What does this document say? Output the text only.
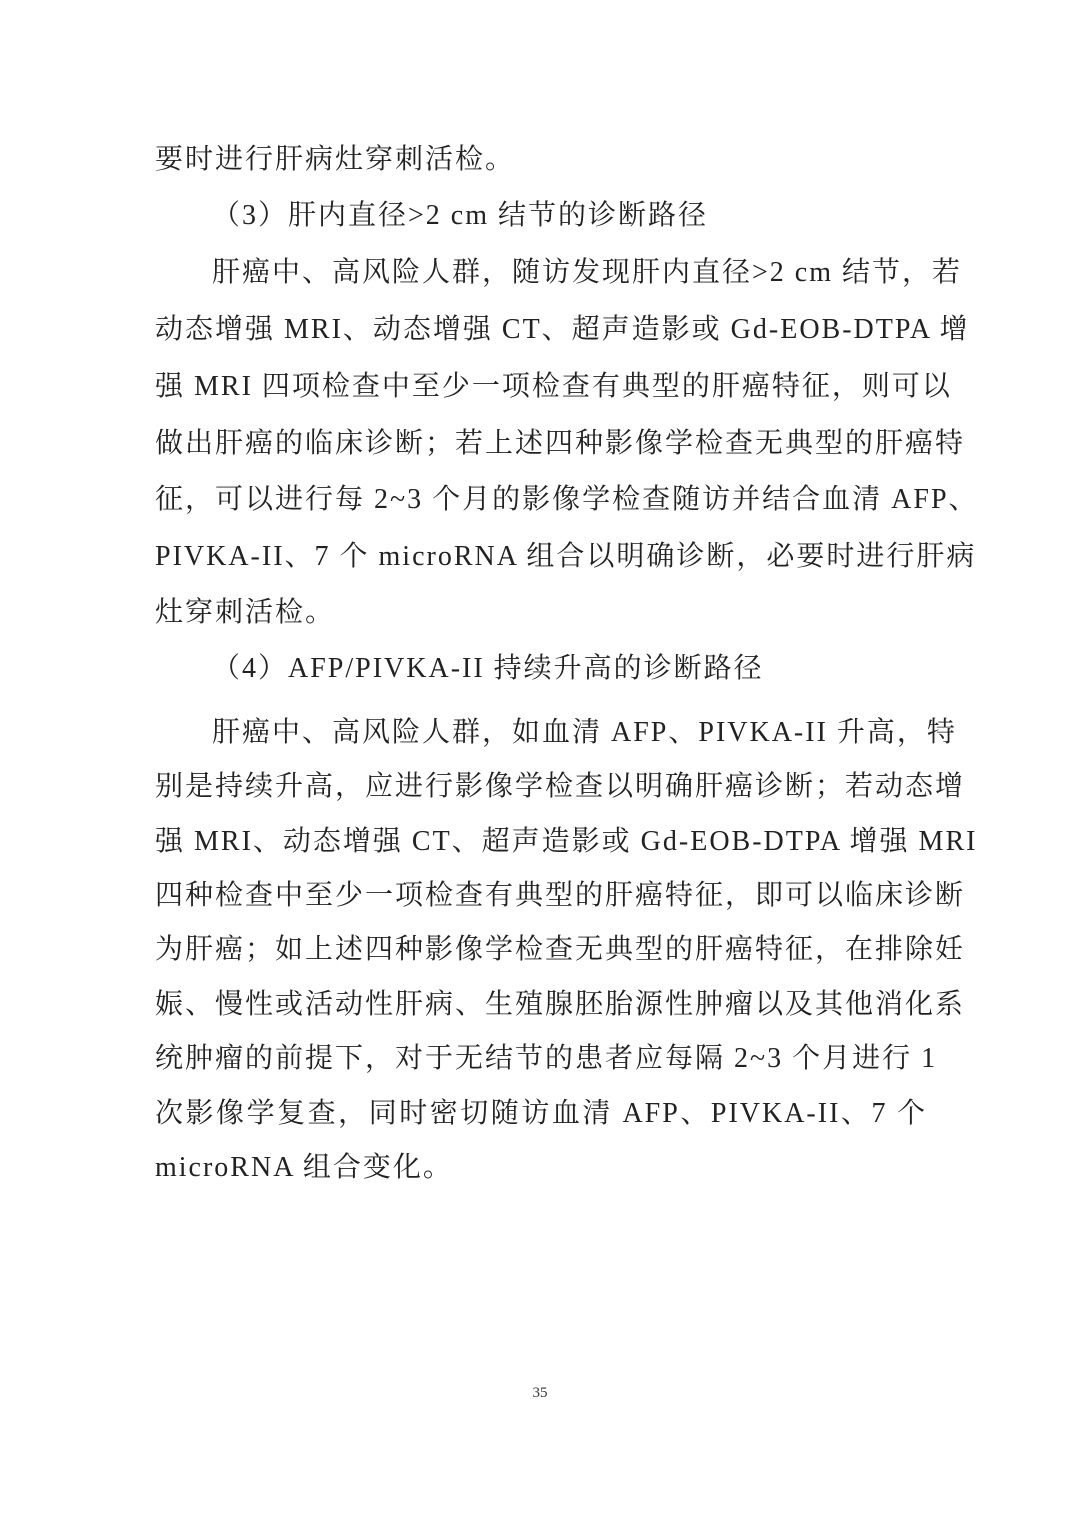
要时进行肝病灶穿刺活检。
（3）肝内直径>2 cm 结节的诊断路径
肝癌中、高风险人群，随访发现肝内直径>2 cm 结节，若
动态增强 MRI、动态增强 CT、超声造影或 Gd-EOB-DTPA 增
强 MRI 四项检查中至少一项检查有典型的肝癌特征，则可以
做出肝癌的临床诊断；若上述四种影像学检查无典型的肝癌特
征，可以进行每 2~3 个月的影像学检查随访并结合血清 AFP、
PIVKA-II、7 个 microRNA 组合以明确诊断，必要时进行肝病
灶穿刺活检。
（4）AFP/PIVKA-II 持续升高的诊断路径
肝癌中、高风险人群，如血清 AFP、PIVKA-II 升高，特
别是持续升高，应进行影像学检查以明确肝癌诊断；若动态增
强 MRI、动态增强 CT、超声造影或 Gd-EOB-DTPA 增强 MRI
四种检查中至少一项检查有典型的肝癌特征，即可以临床诊断
为肝癌；如上述四种影像学检查无典型的肝癌特征，在排除妊
娠、慢性或活动性肝病、生殖腺胚胎源性肿瘤以及其他消化系
统肿瘤的前提下，对于无结节的患者应每隔 2~3 个月进行 1
次影像学复查，同时密切随访血清 AFP、PIVKA-II、7 个
microRNA 组合变化。
35
